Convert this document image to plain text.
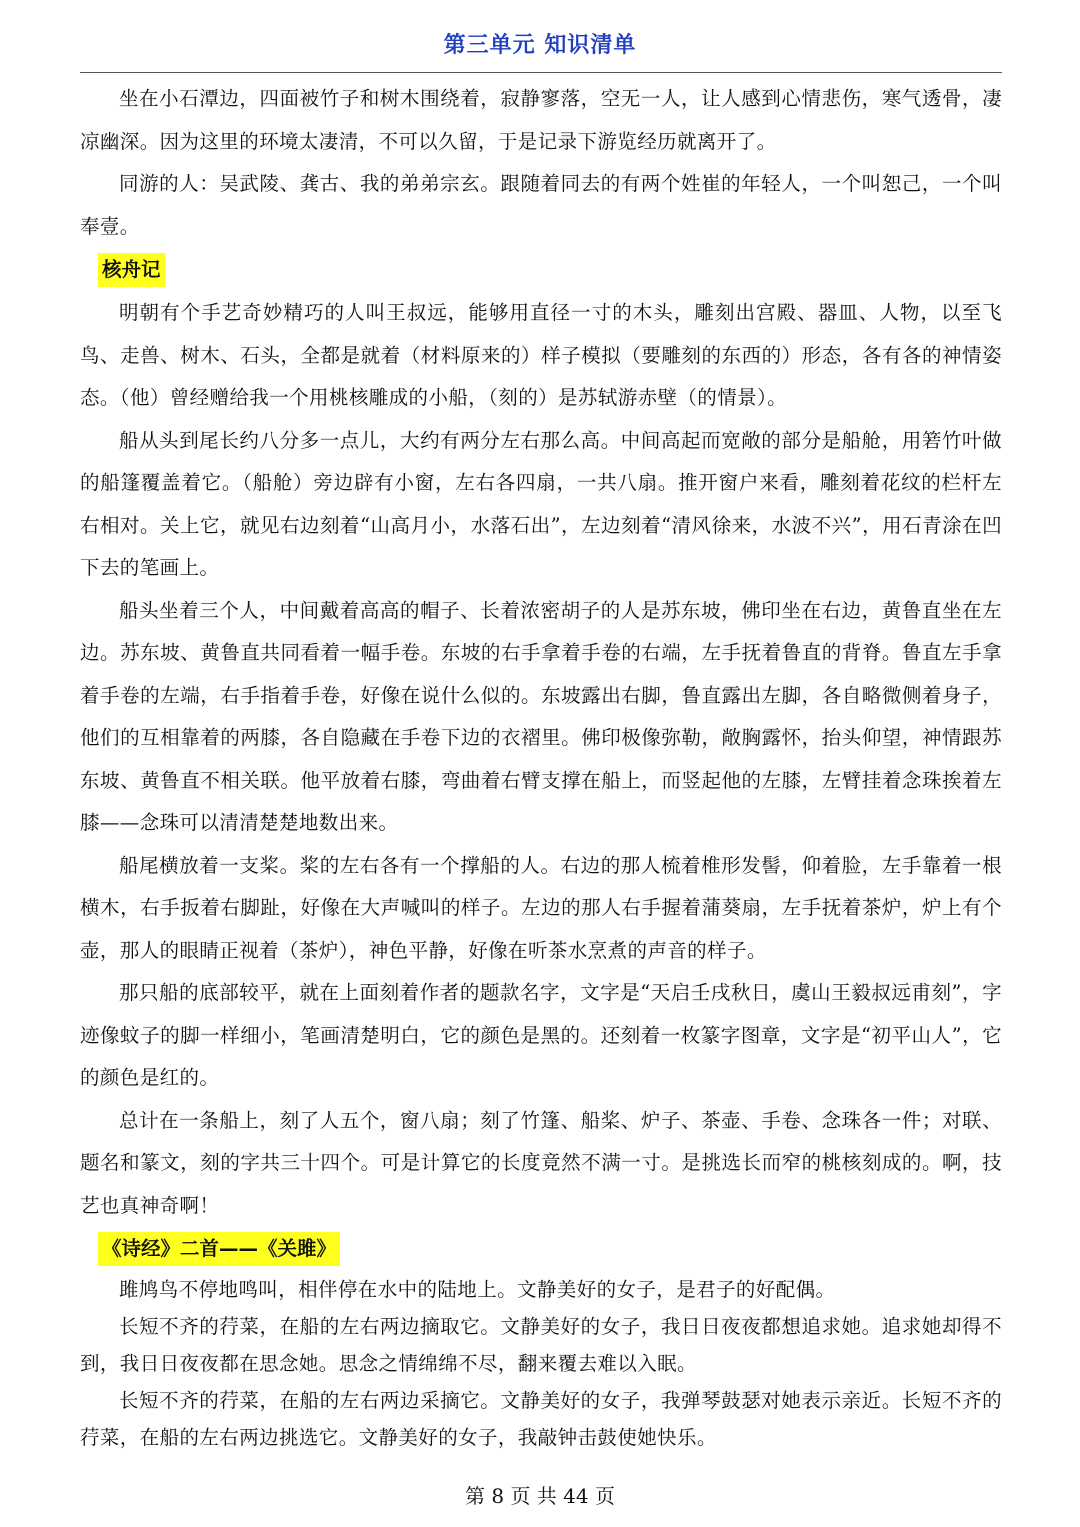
第三单元 知识清单

坐在小石潭边，四面被竹子和树木围绕着，寂静寥落，空无一人，让人感到心情悲伤，寒气透骨，凄凉幽深。因为这里的环境太凄清，不可以久留，于是记录下游览经历就离开了。

同游的人：吴武陵、龚古、我的弟弟宗玄。跟随着同去的有两个姓崔的年轻人，一个叫恕己，一个叫奉壹。

核舟记

明朝有个手艺奇妙精巧的人叫王叔远，能够用直径一寸的木头，雕刻出宫殿、器皿、人物，以至飞鸟、走兽、树木、石头，全都是就着（材料原来的）样子模拟（要雕刻的东西的）形态，各有各的神情姿态。（他）曾经赠给我一个用桃核雕成的小船，（刻的）是苏轼游赤壁（的情景）。

船从头到尾长约八分多一点儿，大约有两分左右那么高。中间高起而宽敞的部分是船舱，用箬竹叶做的船篷覆盖着它。（船舱）旁边辟有小窗，左右各四扇，一共八扇。推开窗户来看，雕刻着花纹的栏杆左右相对。关上它，就见右边刻着“山高月小，水落石出”，左边刻着“清风徐来，水波不兴”，用石青涂在凹下去的笔画上。

船头坐着三个人，中间戴着高高的帽子、长着浓密胡子的人是苏东坡，佛印坐在右边，黄鲁直坐在左边。苏东坡、黄鲁直共同看着一幅手卷。东坡的右手拿着手卷的右端，左手抚着鲁直的背脊。鲁直左手拿着手卷的左端，右手指着手卷，好像在说什么似的。东坡露出右脚，鲁直露出左脚，各自略微侧着身子，他们的互相靠着的两膝，各自隐藏在手卷下边的衣褶里。佛印极像弥勒，敞胸露怀，抬头仰望，神情跟苏东坡、黄鲁直不相关联。他平放着右膝，弯曲着右臂支撑在船上，而竖起他的左膝，左臂挂着念珠挨着左膝——念珠可以清清楚楚地数出来。

船尾横放着一支桨。桨的左右各有一个撑船的人。右边的那人梳着椎形发髻，仰着脸，左手靠着一根横木，右手扳着右脚趾，好像在大声喊叫的样子。左边的那人右手握着蒲葵扇，左手抚着茶炉，炉上有个壶，那人的眼睛正视着（茶炉），神色平静，好像在听茶水烹煮的声音的样子。

那只船的底部较平，就在上面刻着作者的题款名字，文字是“天启壬戌秋日，虞山王毅叔远甫刻”，字迹像蚊子的脚一样细小，笔画清楚明白，它的颜色是黑的。还刻着一枚篆字图章，文字是“初平山人”，它的颜色是红的。

总计在一条船上，刻了人五个，窗八扇；刻了竹篷、船桨、炉子、茶壶、手卷、念珠各一件；对联、题名和篆文，刻的字共三十四个。可是计算它的长度竟然不满一寸。是挑选长而窄的桃核刻成的。啊，技艺也真神奇啊！

《诗经》二首——《关雎》

雎鸠鸟不停地鸣叫，相伴停在水中的陆地上。文静美好的女子，是君子的好配偶。

长短不齐的荇菜，在船的左右两边摘取它。文静美好的女子，我日日夜夜都想追求她。追求她却得不到，我日日夜夜都在思念她。思念之情绵绵不尽，翻来覆去难以入眠。

长短不齐的荇菜，在船的左右两边采摘它。文静美好的女子，我弹琴鼓瑟对她表示亲近。长短不齐的荇菜，在船的左右两边挑选它。文静美好的女子，我敲钟击鼓使她快乐。

第 8 页 共 44 页
